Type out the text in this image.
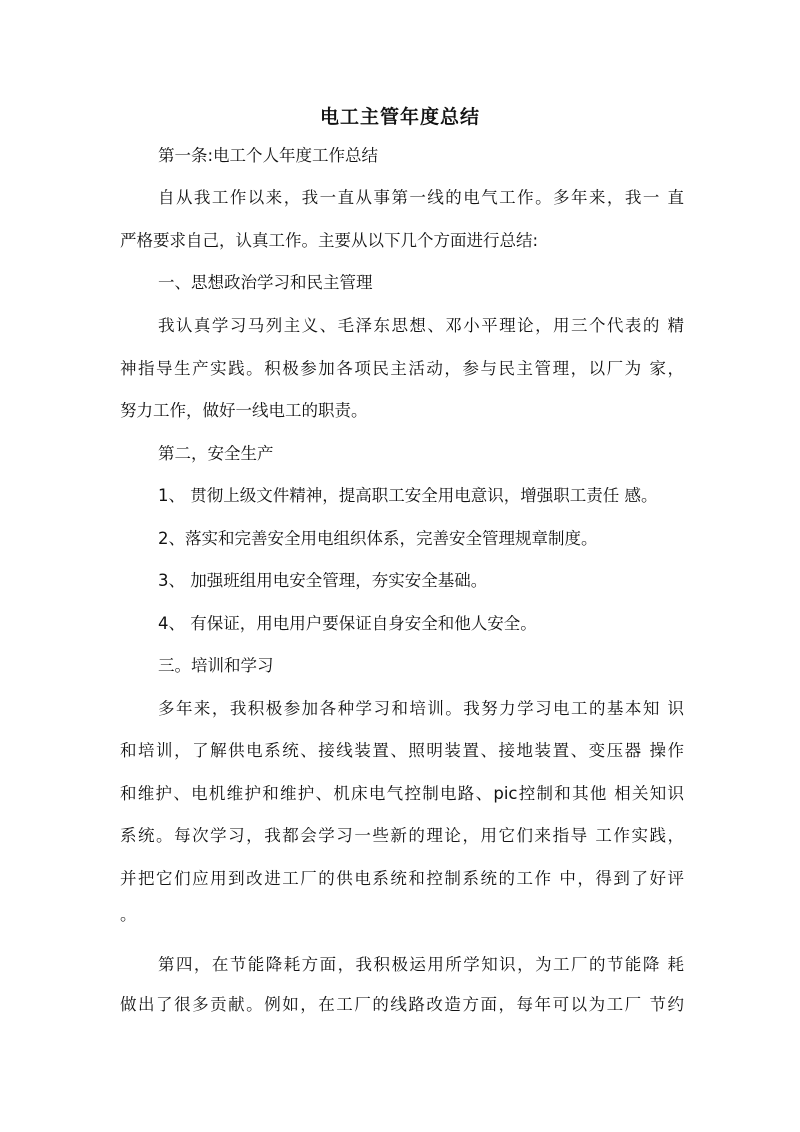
电工主管年度总结
第一条:电工个人年度工作总结
自从我工作以来，我一直从事第一线的电气工作。多年来，我一 直
严格要求自己，认真工作。主要从以下几个方面进行总结:
一、思想政治学习和民主管理
我认真学习马列主义、毛泽东思想、邓小平理论，用三个代表的 精
神指导生产实践。积极参加各项民主活动，参与民主管理，以厂为 家，
努力工作，做好一线电工的职责。
第二，安全生产
1、 贯彻上级文件精神，提高职工安全用电意识，增强职工责任 感。
2、落实和完善安全用电组织体系，完善安全管理规章制度。
3、 加强班组用电安全管理，夯实安全基础。
4、 有保证，用电用户要保证自身安全和他人安全。
三。培训和学习
多年来，我积极参加各种学习和培训。我努力学习电工的基本知 识
和培训，了解供电系统、接线装置、照明装置、接地装置、变压器 操作
和维护、电机维护和维护、机床电气控制电路、pic控制和其他 相关知识
系统。每次学习，我都会学习一些新的理论，用它们来指导 工作实践，
并把它们应用到改进工厂的供电系统和控制系统的工作 中，得到了好评
。
第四，在节能降耗方面，我积极运用所学知识，为工厂的节能降 耗
做出了很多贡献。例如，在工厂的线路改造方面，每年可以为工厂 节约
